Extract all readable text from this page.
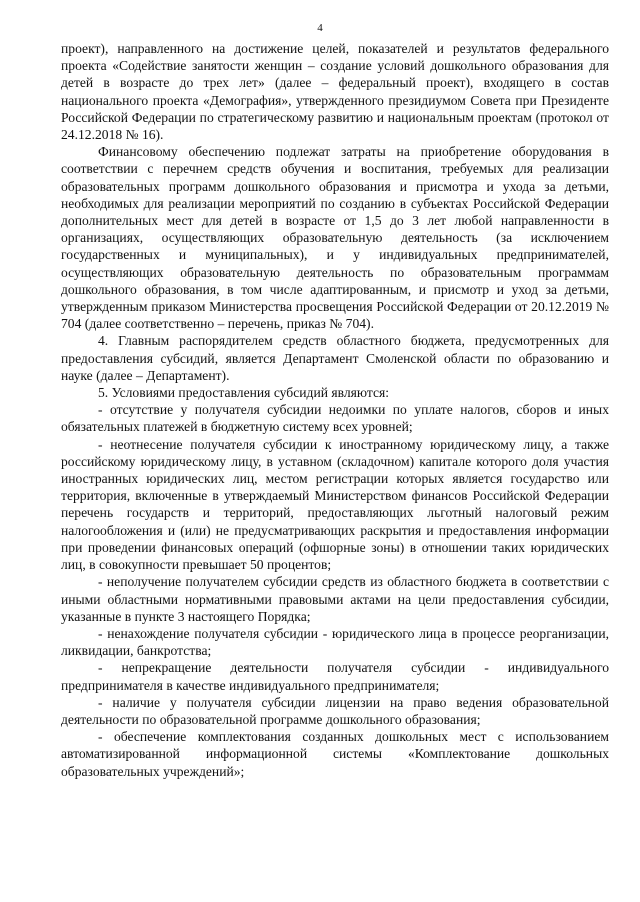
4

проект), направленного на достижение целей, показателей и результатов федерального проекта «Содействие занятости женщин – создание условий дошкольного образования для детей в возрасте до трех лет» (далее – федеральный проект), входящего в состав национального проекта «Демография», утвержденного президиумом Совета при Президенте Российской Федерации по стратегическому развитию и национальным проектам (протокол от 24.12.2018 № 16).

Финансовому обеспечению подлежат затраты на приобретение оборудования в соответствии с перечнем средств обучения и воспитания, требуемых для реализации образовательных программ дошкольного образования и присмотра и ухода за детьми, необходимых для реализации мероприятий по созданию в субъектах Российской Федерации дополнительных мест для детей в возрасте от 1,5 до 3 лет любой направленности в организациях, осуществляющих образовательную деятельность (за исключением государственных и муниципальных), и у индивидуальных предпринимателей, осуществляющих образовательную деятельность по образовательным программам дошкольного образования, в том числе адаптированным, и присмотр и уход за детьми, утвержденным приказом Министерства просвещения Российской Федерации от 20.12.2019 № 704 (далее соответственно – перечень, приказ № 704).

4. Главным распорядителем средств областного бюджета, предусмотренных для предоставления субсидий, является Департамент Смоленской области по образованию и науке (далее – Департамент).

5. Условиями предоставления субсидий являются:

- отсутствие у получателя субсидии недоимки по уплате налогов, сборов и иных обязательных платежей в бюджетную систему всех уровней;

- неотнесение получателя субсидии к иностранному юридическому лицу, а также российскому юридическому лицу, в уставном (складочном) капитале которого доля участия иностранных юридических лиц, местом регистрации которых является государство или территория, включенные в утверждаемый Министерством финансов Российской Федерации перечень государств и территорий, предоставляющих льготный налоговый режим налогообложения и (или) не предусматривающих раскрытия и предоставления информации при проведении финансовых операций (офшорные зоны) в отношении таких юридических лиц, в совокупности превышает 50 процентов;

- неполучение получателем субсидии средств из областного бюджета в соответствии с иными областными нормативными правовыми актами на цели предоставления субсидии, указанные в пункте 3 настоящего Порядка;

- ненахождение получателя субсидии - юридического лица в процессе реорганизации, ликвидации, банкротства;

- непрекращение деятельности получателя субсидии - индивидуального предпринимателя в качестве индивидуального предпринимателя;

- наличие у получателя субсидии лицензии на право ведения образовательной деятельности по образовательной программе дошкольного образования;

- обеспечение комплектования созданных дошкольных мест с использованием автоматизированной информационной системы «Комплектование дошкольных образовательных учреждений»;
